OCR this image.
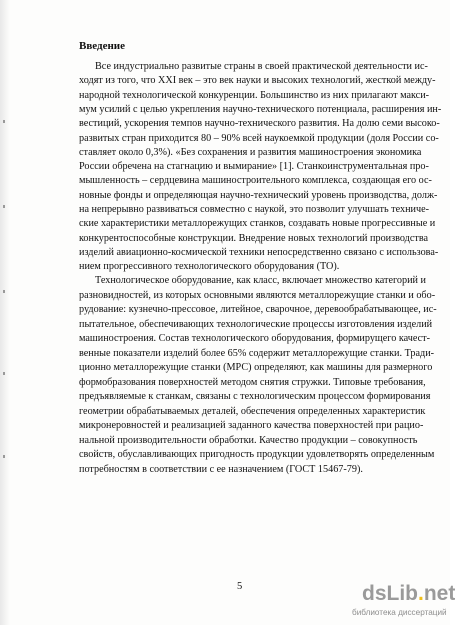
Введение
Все индустриально развитые страны в своей практической деятельности ис-
ходят из того, что XXI век – это век науки и высоких технологий, жесткой между-
народной технологической конкуренции. Большинство из них прилагают макси-
мум усилий с целью укрепления научно-технического потенциала, расширения ин-
вестиций, ускорения темпов научно-технического развития. На долю семи высоко-
развитых стран приходится 80 – 90% всей наукоемкой продукции (доля России со-
ставляет около 0,3%). «Без сохранения и развития машиностроения экономика
России обречена на стагнацию и вымирание» [1]. Станкоинструментальная про-
мышленность – сердцевина машиностроительного комплекса, создающая его ос-
новные фонды и определяющая научно-технический уровень производства, долж-
на непрерывно развиваться совместно с наукой, это позволит улучшать техниче-
ские характеристики металлорежущих станков, создавать новые прогрессивные и
конкурентоспособные конструкции. Внедрение новых технологий производства
изделий авиационно-космической техники непосредственно связано с использова-
нием прогрессивного технологического оборудования (ТО).
Технологическое оборудование, как класс, включает множество категорий и
разновидностей, из которых основными являются металлорежущие станки и обо-
рудование: кузнечно-прессовое, литейное, сварочное, деревообрабатывающее, ис-
пытательное, обеспечивающих технологические процессы изготовления изделий
машиностроения. Состав технологического оборудования, формирущего качест-
венные показатели изделий более 65% содержит металлорежущие станки. Тради-
ционно металлорежущие станки (МРС) определяют, как машины для размерного
формобразования поверхностей методом снятия стружки. Типовые требования,
предъявляемые к станкам, связаны с технологическим процессом формирования
геометрии обрабатываемых деталей, обеспечения определенных характеристик
микронеровностей и реализацией заданного качества поверхностей при рацио-
нальной производительности обработки. Качество продукции – совокупность
свойств, обуславливающих пригодность продукции удовлетворять определенным
потребностям в соответствии с ее назначением (ГОСТ 15467-79).
5	dsLib.net
библиотека диссертаций
